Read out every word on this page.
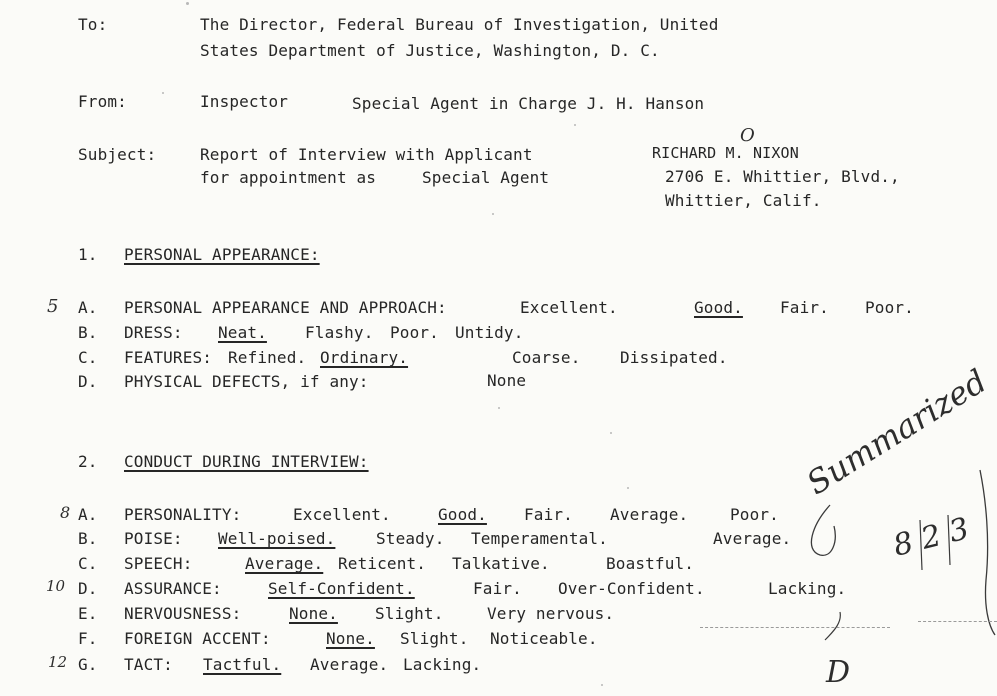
To:	The Director, Federal Bureau of Investigation, United
States Department of Justice, Washington, D. C.
From:	Inspector	Special Agent in Charge J. H. Hanson
Subject:	Report of Interview with Applicant
for appointment as	Special Agent
RICHARD M. NIXON
O
2706 E. Whittier, Blvd.,
Whittier, Calif.
1. PERSONAL APPEARANCE:
5 A. PERSONAL APPEARANCE AND APPROACH:	Excellent.	Good. Fair. Poor.
B. DRESS: Neat. Flashy. Poor. Untidy.
C. FEATURES: Refined. Ordinary.	Coarse. Dissipated.
D. PHYSICAL DEFECTS, if any:	None
2. CONDUCT DURING INTERVIEW:
8 A. PERSONALITY:	Excellent.	Good. Fair. Average.	Poor.
B. POISE: Well-poised.	Steady. Temperamental.	Average.
C. SPEECH:	Average. Reticent. Talkative.	Boastful.
10 D. ASSURANCE:	Self-Confident.	Fair. Over-Confident.	Lacking.
E. NERVOUSNESS:	None. Slight.	Very nervous.
F. FOREIGN ACCENT:	None. Slight. Noticeable.
12 G. TACT: Tactful. Average. Lacking.
Summarized
8 2 3
D
